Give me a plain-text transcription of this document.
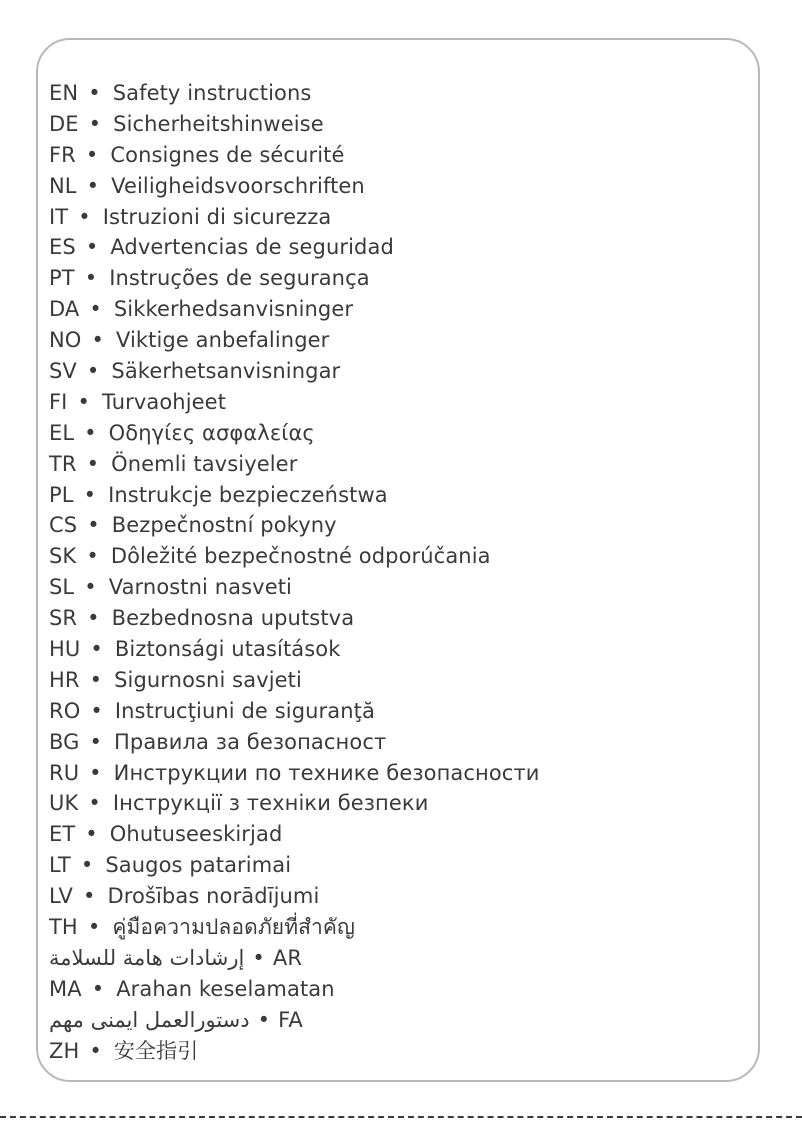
EN • Safety instructions
DE • Sicherheitshinweise
FR • Consignes de sécurité
NL • Veiligheidsvoorschriften
IT • Istruzioni di sicurezza
ES • Advertencias de seguridad
PT • Instruções de segurança
DA • Sikkerhedsanvisninger
NO • Viktige anbefalinger
SV • Säkerhetsanvisningar
FI • Turvaohjeet
EL • Οδηγίες ασφαλείας
TR • Önemli tavsiyeler
PL • Instrukcje bezpieczeństwa
CS • Bezpečnostní pokyny
SK • Dôležité bezpečnostné odporúčania
SL • Varnostni nasveti
SR • Bezbednosna uputstva
HU • Biztonsági utasítások
HR • Sigurnosni savjeti
RO • Instrucţiuni de siguranţă
BG • Правила за безопасност
RU • Инструкции по технике безопасности
UK • Інструкції з техніки безпеки
ET • Ohutuseeskirjad
LT • Saugos patarimai
LV • Drošības norādījumi
TH • คู่มือความปลอดภัยที่สำคัญ
إرشادات هامة للسلامة • AR
MA • Arahan keselamatan
دستورالعمل ایمنی مهم • FA
ZH • 安全指引
